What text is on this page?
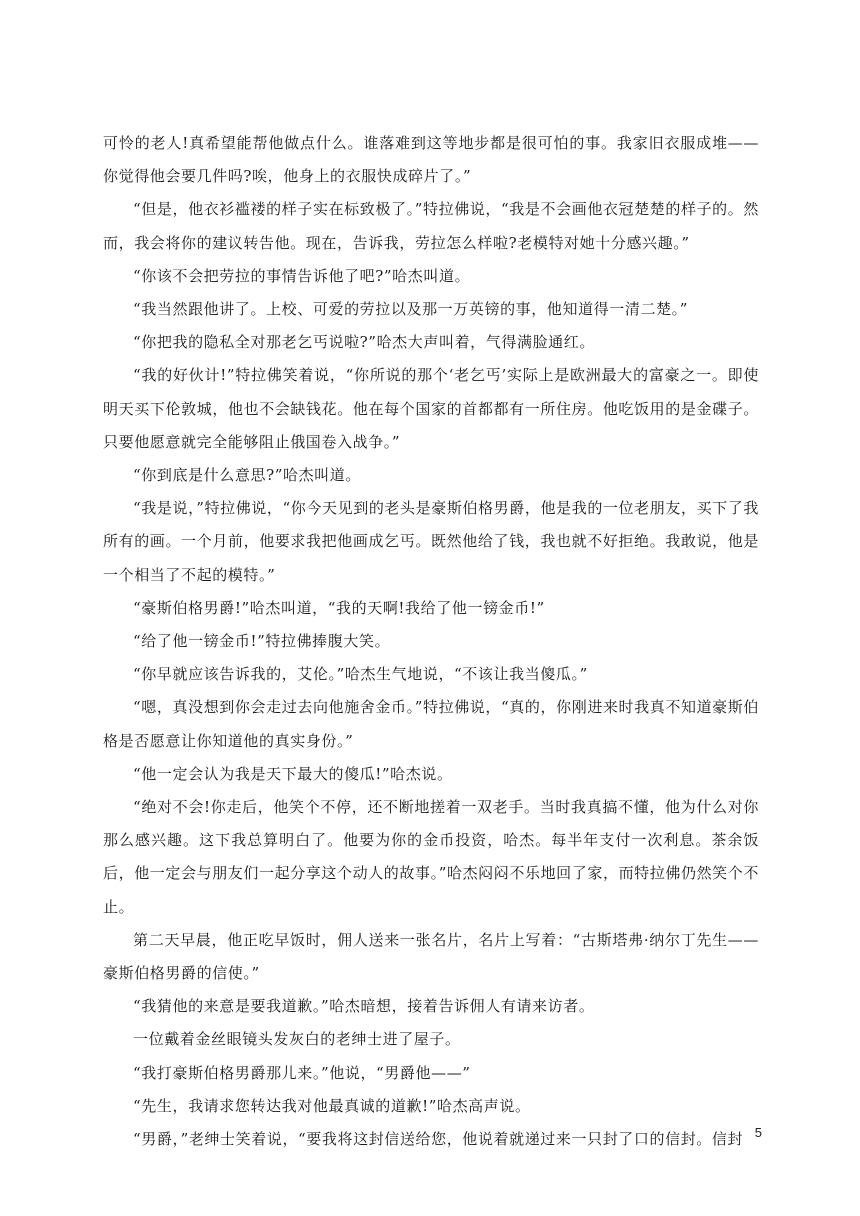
可怜的老人!真希望能帮他做点什么。谁落难到这等地步都是很可怕的事。我家旧衣服成堆——你觉得他会要几件吗?唉，他身上的衣服快成碎片了。”

“但是，他衣衫褴褛的样子实在标致极了。”特拉佛说，“我是不会画他衣冠楚楚的样子的。然而，我会将你的建议转告他。现在，告诉我，劳拉怎么样啦?老模特对她十分感兴趣。”

“你该不会把劳拉的事情告诉他了吧?”哈杰叫道。

“我当然跟他讲了。上校、可爱的劳拉以及那一万英镑的事，他知道得一清二楚。”

“你把我的隐私全对那老乞丐说啦?”哈杰大声叫着，气得满脸通红。

“我的好伙计!”特拉佛笑着说，“你所说的那个‘老乞丐’实际上是欧洲最大的富豪之一。即使明天买下伦敦城，他也不会缺钱花。他在每个国家的首都都有一所住房。他吃饭用的是金碟子。只要他愿意就完全能够阻止俄国卷入战争。”

“你到底是什么意思?”哈杰叫道。

“我是说，”特拉佛说，“你今天见到的老头是豪斯伯格男爵，他是我的一位老朋友，买下了我所有的画。一个月前，他要求我把他画成乞丐。既然他给了钱，我也就不好拒绝。我敢说，他是一个相当了不起的模特。”

“豪斯伯格男爵!”哈杰叫道，“我的天啊!我给了他一镑金币!”

“给了他一镑金币!”特拉佛捧腹大笑。

“你早就应该告诉我的，艾伦。”哈杰生气地说，“不该让我当傻瓜。”

“嗯，真没想到你会走过去向他施舍金币。”特拉佛说，“真的，你刚进来时我真不知道豪斯伯格是否愿意让你知道他的真实身份。”

“他一定会认为我是天下最大的傻瓜!”哈杰说。

“绝对不会!你走后，他笑个不停，还不断地搓着一双老手。当时我真搞不懂，他为什么对你那么感兴趣。这下我总算明白了。他要为你的金币投资，哈杰。每半年支付一次利息。茶余饭后，他一定会与朋友们一起分享这个动人的故事。”哈杰闷闷不乐地回了家，而特拉佛仍然笑个不止。

第二天早晨，他正吃早饭时，佣人送来一张名片，名片上写着：“古斯塔弗·纳尔丁先生——豪斯伯格男爵的信使。”

“我猜他的来意是要我道歉。”哈杰暗想，接着告诉佣人有请来访者。

一位戴着金丝眼镜头发灰白的老绅士进了屋子。

“我打豪斯伯格男爵那儿来。”他说，“男爵他——”

“先生，我请求您转达我对他最真诚的道歉!”哈杰高声说。

“男爵，”老绅士笑着说，“要我将这封信送给您，他说着就递过来一只封了口的信封。信封 5
